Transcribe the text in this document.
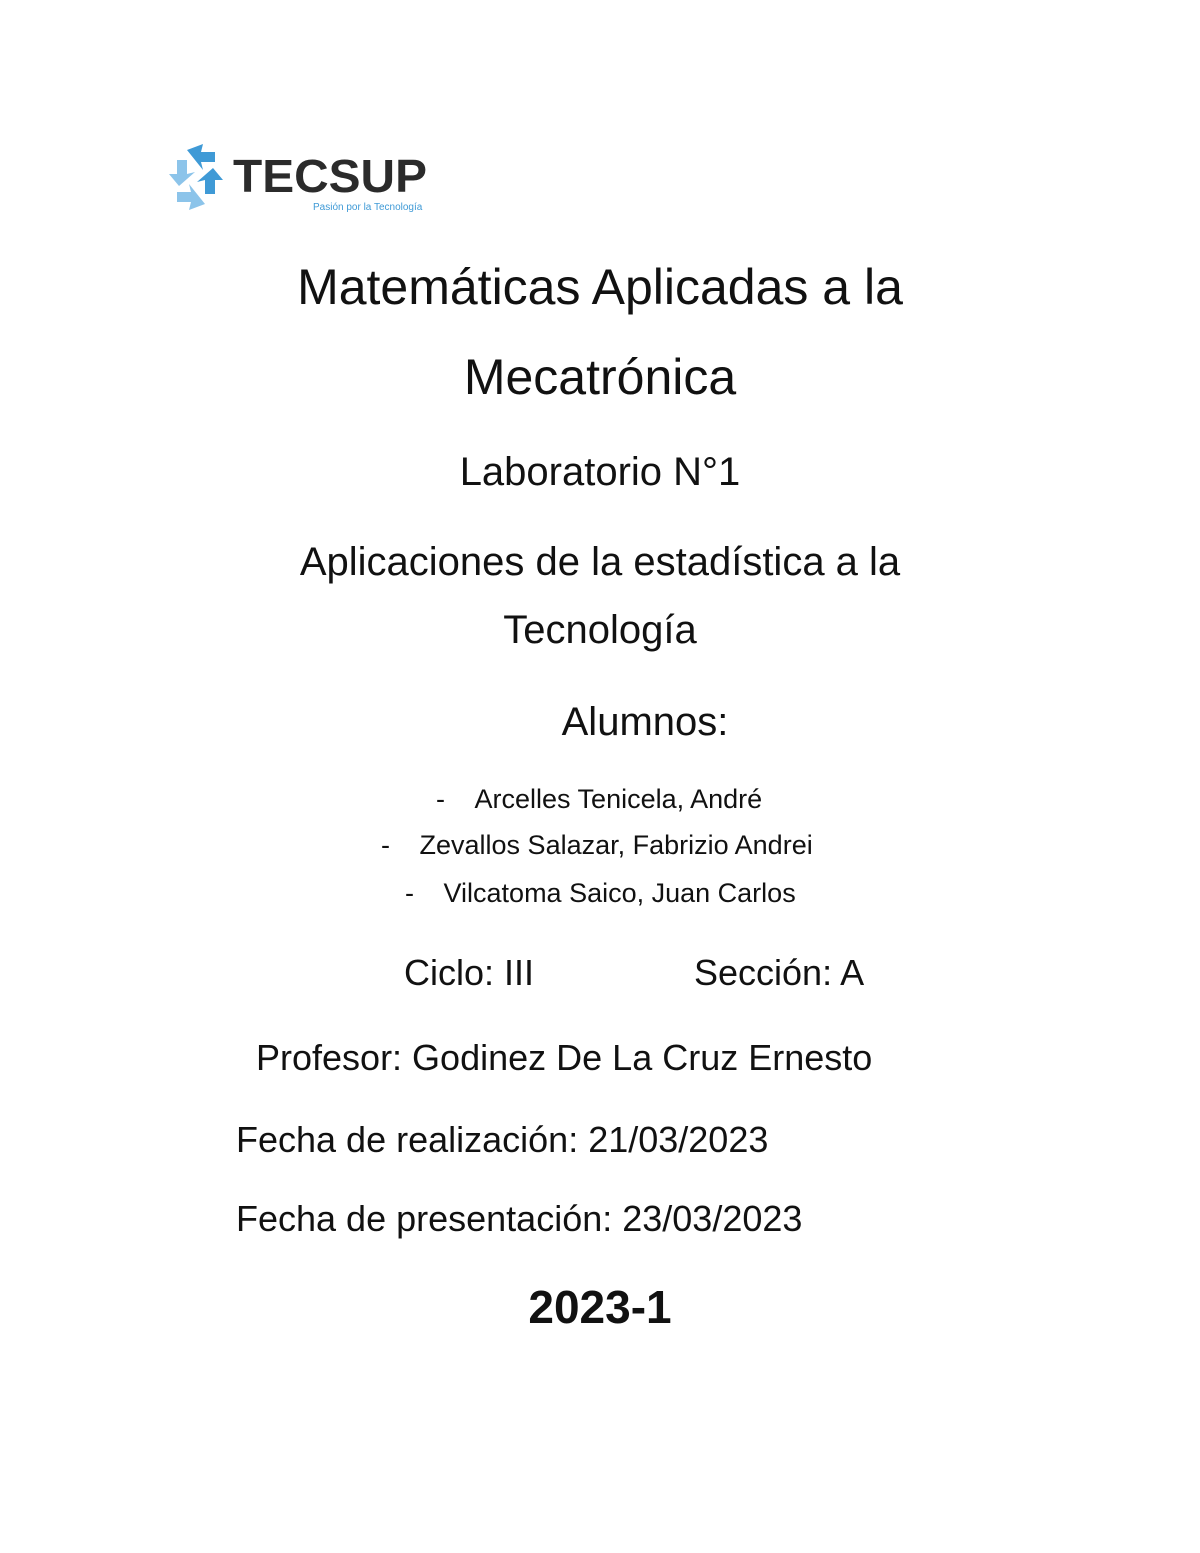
TECSUP
Pasión por la Tecnología
Matemáticas Aplicadas a la
Mecatrónica
Laboratorio N°1
Aplicaciones de la estadística a la
Tecnología
Alumnos:
- Arcelles Tenicela, André
- Zevallos Salazar, Fabrizio Andrei
- Vilcatoma Saico, Juan Carlos
Ciclo: III	Sección: A
Profesor: Godinez De La Cruz Ernesto
Fecha de realización: 21/03/2023
Fecha de presentación: 23/03/2023
2023-1
